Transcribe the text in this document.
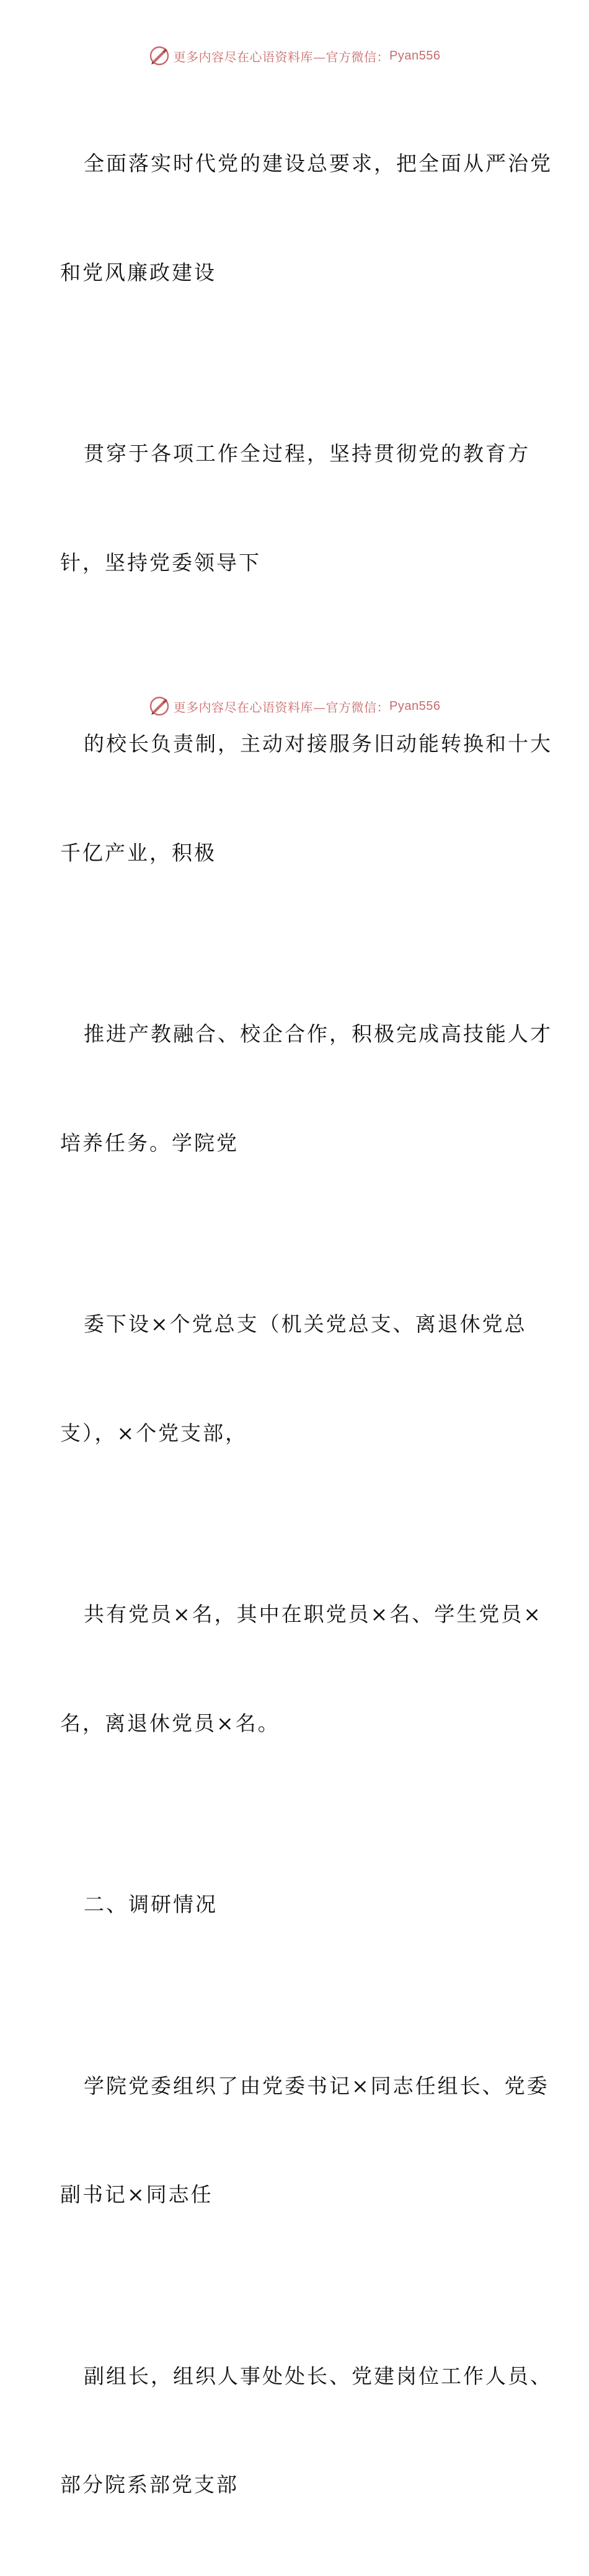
更多内容尽在心语资料库—官方微信： Pyan556

全面落实时代党的建设总要求，把全面从严治党

和党风廉政建设

贯穿于各项工作全过程，坚持贯彻党的教育方

针，坚持党委领导下

的校长负责制，主动对接服务旧动能转换和十大

千亿产业，积极

推进产教融合、校企合作，积极完成高技能人才

培养任务。学院党

委下设×个党总支（机关党总支、离退休党总

支），×个党支部，

共有党员×名，其中在职党员×名、学生党员×

名，离退休党员×名。

二、调研情况

学院党委组织了由党委书记×同志任组长、党委

副书记×同志任

副组长，组织人事处处长、党建岗位工作人员、

部分院系部党支部

更多内容尽在心语资料库—官方微信： Pyan556
